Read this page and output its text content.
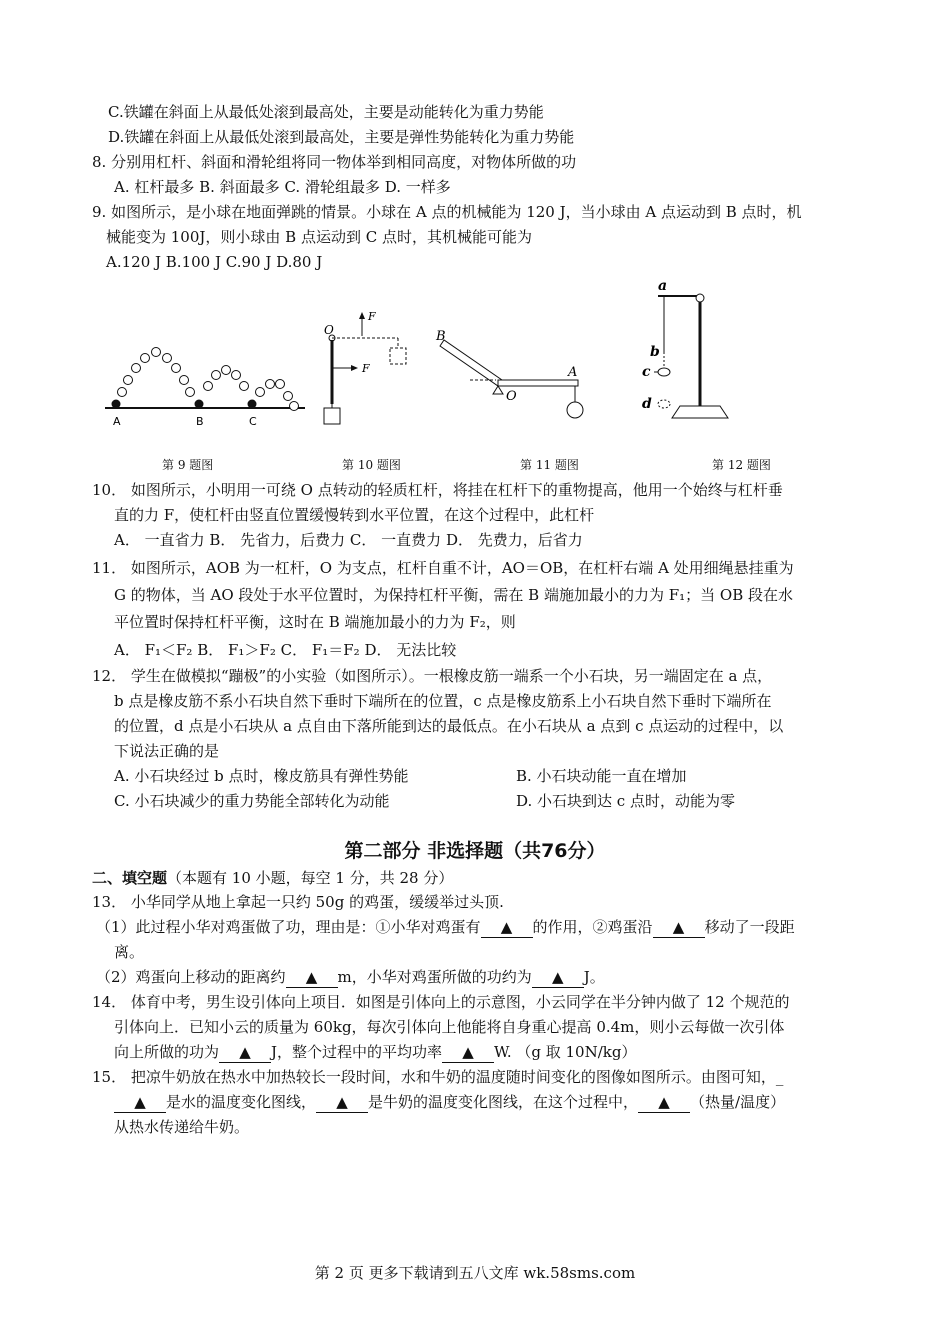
C.铁罐在斜面上从最低处滚到最高处，主要是动能转化为重力势能
D.铁罐在斜面上从最低处滚到最高处，主要是弹性势能转化为重力势能
8. 分别用杠杆、斜面和滑轮组将同一物体举到相同高度，对物体所做的功
A. 杠杆最多 B. 斜面最多 C. 滑轮组最多 D. 一样多
9. 如图所示，是小球在地面弹跳的情景。小球在 A 点的机械能为 120 J，当小球由 A 点运动到 B 点时，机
械能变为 100J，则小球由 B 点运动到 C 点时，其机械能可能为
A.120 J B.100 J C.90 J D.80 J
A	B	C
O
F
F
B
A
O
a
b
c
d
第 9 题图	第 10 题图	第 11 题图	第 12 题图
10． 如图所示，小明用一可绕 O 点转动的轻质杠杆，将挂在杠杆下的重物提高，他用一个始终与杠杆垂
直的力 F，使杠杆由竖直位置缓慢转到水平位置，在这个过程中，此杠杆
A． 一直省力 B． 先省力，后费力 C． 一直费力 D． 先费力，后省力
11． 如图所示，AOB 为一杠杆，O 为支点，杠杆自重不计，AO＝OB，在杠杆右端 A 处用细绳悬挂重为
G 的物体，当 AO 段处于水平位置时，为保持杠杆平衡，需在 B 端施加最小的力为 F₁；当 OB 段在水
平位置时保持杠杆平衡，这时在 B 端施加最小的力为 F₂，则
A． F₁＜F₂ B． F₁＞F₂ C． F₁＝F₂ D． 无法比较
12． 学生在做模拟“蹦极”的小实验（如图所示）。一根橡皮筋一端系一个小石块，另一端固定在 a 点，
b 点是橡皮筋不系小石块自然下垂时下端所在的位置，c 点是橡皮筋系上小石块自然下垂时下端所在
的位置，d 点是小石块从 a 点自由下落所能到达的最低点。在小石块从 a 点到 c 点运动的过程中，以
下说法正确的是
A. 小石块经过 b 点时，橡皮筋具有弹性势能	B. 小石块动能一直在增加
C. 小石块减少的重力势能全部转化为动能	D. 小石块到达 c 点时，动能为零
第二部分 非选择题（共76分）
二、填空题（本题有 10 小题，每空 1 分，共 28 分）
13． 小华同学从地上拿起一只约 50g 的鸡蛋，缓缓举过头顶.
（1）此过程小华对鸡蛋做了功，理由是：①小华对鸡蛋有 ▲ 的作用，②鸡蛋沿 ▲ 移动了一段距
离。
（2）鸡蛋向上移动的距离约 ▲ m，小华对鸡蛋所做的功约为 ▲ J。
14． 体育中考，男生设引体向上项目．如图是引体向上的示意图，小云同学在半分钟内做了 12 个规范的
引体向上．已知小云的质量为 60kg，每次引体向上他能将自身重心提高 0.4m，则小云每做一次引体
向上所做的功为 ▲ J，整个过程中的平均功率 ▲ W. （g 取 10N/kg）
15． 把凉牛奶放在热水中加热较长一段时间，水和牛奶的温度随时间变化的图像如图所示。由图可知，_
▲ 是水的温度变化图线， ▲ 是牛奶的温度变化图线，在这个过程中， ▲ （热量/温度）
从热水传递给牛奶。
第 2 页 更多下载请到五八文库 wk.58sms.com
